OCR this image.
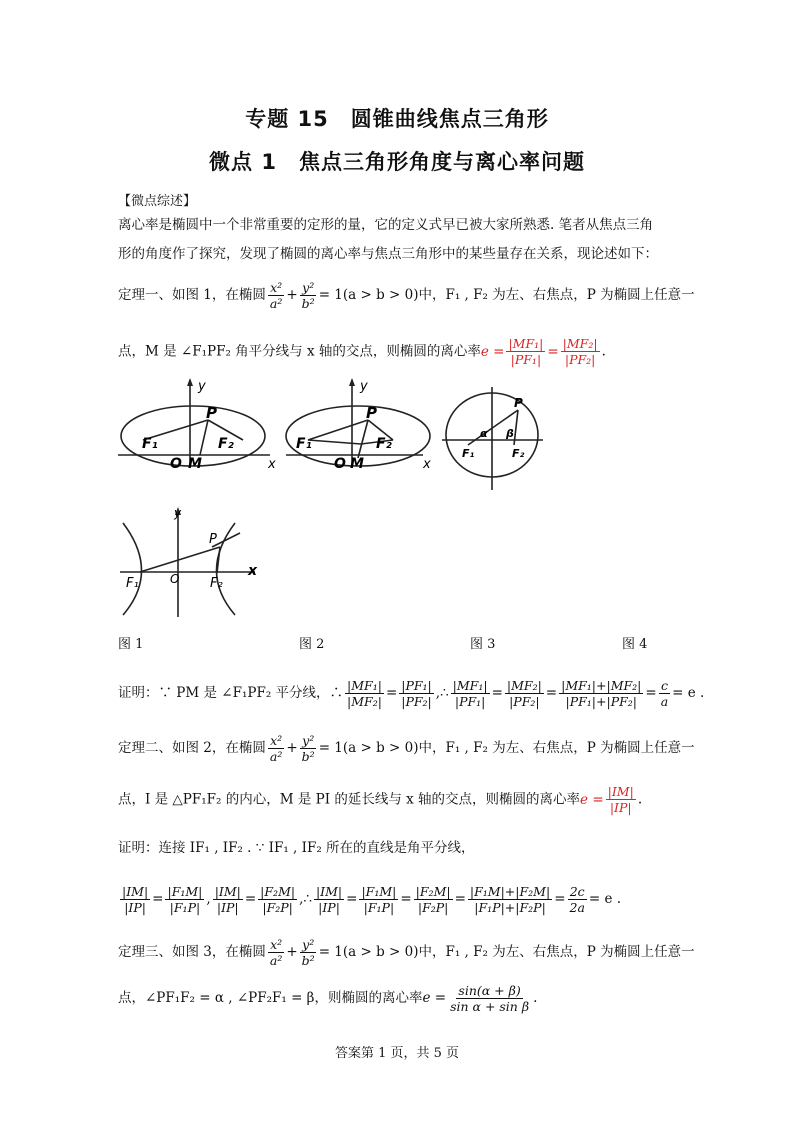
专题 15　圆锥曲线焦点三角形
微点 1　焦点三角形角度与离心率问题
【微点综述】
离心率是椭圆中一个非常重要的定形的量，它的定义式早已被大家所熟悉. 笔者从焦点三角
形的角度作了探究，发现了椭圆的离心率与焦点三角形中的某些量存在关系，现论述如下：
定理一、如图 1，在椭圆 $\frac{\text{x²}}{\text{a²}} + \frac{\text{y²}}{\text{b²}} = 1(a > b > 0)$中，F₁ , F₂ 为左、右焦点，P 为椭圆上任意一
点，M 是 ∠F₁PF₂ 角平分线与 x 轴的交点，则椭圆的离心率 $e = \frac{\text{|MF₁|}}{\text{|PF₁|}} = \frac{\text{|MF₂|}}{\text{|PF₂|}}$ .
y
P
F₁	F₂
O M	x
y
P
F₁	F₂
O M	x
P
α β
F₁	F₂
y
P
x
F₁	O F₂
图 1	图 2	图 3	图 4
证明：∵ PM 是 ∠F₁PF₂ 平分线，∴ $\frac{\text{|MF₁|}}{\text{|MF₂|}} = \frac{\text{|PF₁|}}{\text{|PF₂|}}$ ,∴ $\frac{\text{|MF₁|}}{\text{|PF₁|}} = \frac{\text{|MF₂|}}{\text{|PF₂|}} = \frac{\text{|MF₁|+|MF₂|}}{\text{|PF₁|+|PF₂|}} = \frac{c}{a} = e$ .
定理二、如图 2，在椭圆 $\frac{\text{x²}}{\text{a²}} + \frac{\text{y²}}{\text{b²}} = 1(a > b > 0)$中，F₁ , F₂ 为左、右焦点，P 为椭圆上任意一
点，I 是 △PF₁F₂ 的内心，M 是 PI 的延长线与 x 轴的交点，则椭圆的离心率 $e = \frac{|IM|}{|IP|}$ .
证明：连接 IF₁ , IF₂ . ∵ IF₁ , IF₂ 所在的直线是角平分线，
$\frac{|IM|}{|IP|} = \frac{\text{|F₁M|}}{\text{|F₁P|}}$ , $\frac{|IM|}{|IP|} = \frac{\text{|F₂M|}}{\text{|F₂P|}}$ ,∴ $\frac{|IM|}{|IP|} = \frac{\text{|F₁M|}}{\text{|F₁P|}} = \frac{\text{|F₂M|}}{\text{|F₂P|}} = \frac{\text{|F₁M|+|F₂M|}}{\text{|F₁P|+|F₂P|}} = \frac{2c}{2a} = e$ .
定理三、如图 3，在椭圆 $\frac{\text{x²}}{\text{a²}} + \frac{\text{y²}}{\text{b²}} = 1(a > b > 0)$中，F₁ , F₂ 为左、右焦点，P 为椭圆上任意一
点，∠PF₁F₂ = α , ∠PF₂F₁ = β，则椭圆的离心率$e = \frac{\sin(\alpha + \beta)}{\text{sin α + sin β}}$ .
答案第 1 页，共 5 页
